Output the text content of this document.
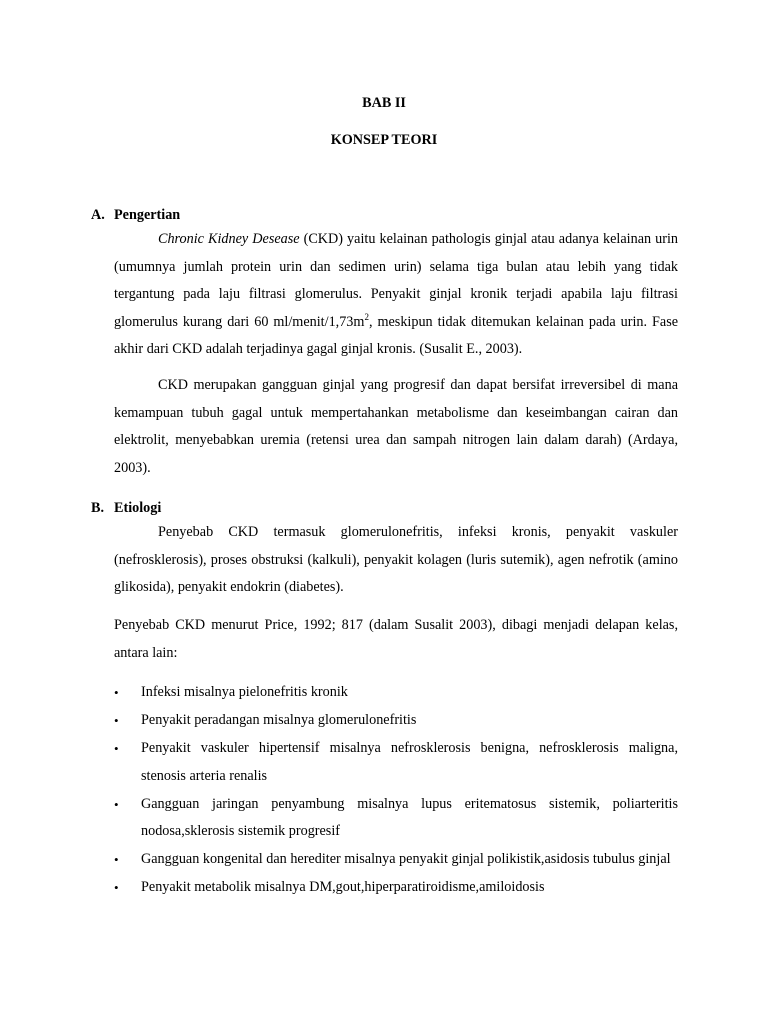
BAB II
KONSEP TEORI
A. Pengertian

Chronic Kidney Desease (CKD) yaitu kelainan pathologis ginjal atau adanya kelainan urin (umumnya jumlah protein urin dan sedimen urin) selama tiga bulan atau lebih yang tidak tergantung pada laju filtrasi glomerulus. Penyakit ginjal kronik terjadi apabila laju filtrasi glomerulus kurang dari 60 $ml/menit/1,73m^2$, meskipun tidak ditemukan kelainan pada urin. Fase akhir dari CKD adalah terjadinya gagal ginjal kronis. (Susalit E., 2003).

CKD merupakan gangguan ginjal yang progresif dan dapat bersifat irreversibel di mana kemampuan tubuh gagal untuk mempertahankan metabolisme dan keseimbangan cairan dan elektrolit, menyebabkan uremia (retensi urea dan sampah nitrogen lain dalam darah) (Ardaya, 2003).

B. Etiologi

Penyebab CKD termasuk glomerulonefritis, infeksi kronis, penyakit vaskuler (nefrosklerosis), proses obstruksi (kalkuli), penyakit kolagen (luris sutemik), agen nefrotik (amino glikosida), penyakit endokrin (diabetes).

Penyebab CKD menurut Price, 1992; 817 (dalam Susalit 2003), dibagi menjadi delapan kelas, antara lain:

• Infeksi misalnya pielonefritis kronik
• Penyakit peradangan misalnya glomerulonefritis
• Penyakit vaskuler hipertensif misalnya nefrosklerosis benigna, nefrosklerosis maligna, stenosis arteria renalis
• Gangguan jaringan penyambung misalnya lupus eritematosus sistemik, poliarteritis nodosa,sklerosis sistemik progresif
• Gangguan kongenital dan herediter misalnya penyakit ginjal polikistik,asidosis tubulus ginjal
• Penyakit metabolik misalnya DM,gout,hiperparatiroidisme,amiloidosis
